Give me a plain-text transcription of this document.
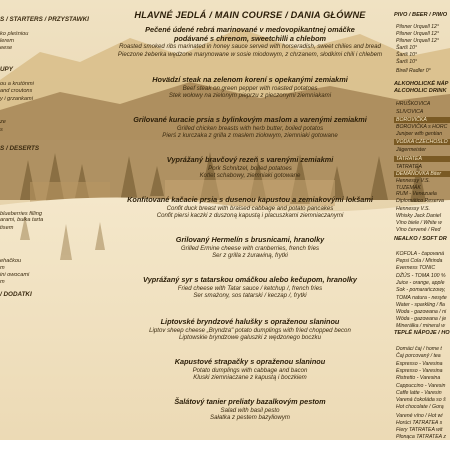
S / STARTERS / PRZYSTAWKI
UPY
S / DESERTS
/ DODATKI
ko pleśniou
lerem
eese
ou a krutónmi
and croutons
y i grzankami
ze
s
blueberries filling
arami, bułka tarta
tisem
ehačkou
m
ini owocami
m
HLAVNÉ JEDLÁ / MAIN COURSE / DANIA GŁÓWNE
Pečené údené rebrá marinované v medovopikantnej omáčke
podávané s chrenom, sweetchilli a chlebom
Roasted smoked ribs marinated in honey sauce served with horseradish, sweet chilies and bread
Pieczone żeberka wędzone marynowane w sosie miodowym, z chrzanem, słodkimi chili i chlebem
Hovädzí steak na zelenom korení s opekanými zemiakmi
Beef steak on green pepper with roasted potatoes
Stek wołowy na zielonym pieprzu z pieczonymi ziemniakami
Grilované kuracie prsia s bylinkovým maslom a varenými zemiakmi
Grilled chicken breasts with herb butter, boiled potatos
Pierś z kurczaka z grilla z masłem ziołowym, ziemniaki gotowane
Vyprážaný bravčový rezeň s varenými zemiakmi
Pork Schnitzel, boiled potatoes
Kotlet schabowy, ziemniaki gotowane
Konfitované kačacie prsia s dusenou kapustou a zemiakovými lokšami
Confit duck breast with braised cabbage and potato pancakes
Confit piersi kaczki z duszoną kapustą i placuszkami ziemniaczanymi
Grilovaný Hermelín s brusnicami, hranolky
Grilled Ermine cheese with cranberries, french fries
Ser z grilla z żurawiną, frytki
Vyprážaný syr s tatarskou omáčkou alebo kečupom, hranolky
Fried cheese with Tatar sauce / ketchup /, french fries
Ser smażony, sos tatarski / keczap /, frytki
Liptovské bryndzové halušky s opraženou slaninou
Liptov sheep cheese „Bryndza" potato dumplings with fried chopped becon
Liptowskie bryndzowe galuszki z wędzonego boczku
Kapustové strapačky s opraženou slaninou
Potato dumplings with cabbage and bacon
Kluski ziemniaczane z kapustą i boczkiem
Šalátový tanier preliaty bazalkovým pestom
Salad with basil pesto
Sałatka z pestem bazyliowym
PIVO / BEER / PIWO
ALKOHOLICKÉ NÁP
ALCOHOLIC DRINK
NEALKO / SOFT DR
TEPLÉ NÁPOJE / HO
Pilsner Urquell 12°
Pilsner Urquell 12°
Pilsner Urquell 12°
Šariš 10°
Šariš 10°
Šariš 10°
Birell Radler 0°
HRUŠKOVICA
SLIVOVICA
BOROVIČKA
BOROVIČKA s HORC
Juniper with gentian
VODKA CZECHOSLO
Jägermeister
TATRATEA
TATRATEA
DEMÄNOVKA Biter
Hennessy V.S.
TUZEMÁK
RUM - Venezuela
Diplomático Reserva
Hennessy V.S.
Whisky Jack Daniel
Víno biele / White w
Víno červené / Red
KOFOLA - čapovaná
Pepsi Cola / Mirinda
Everness TONIC
DŽÚS - TOMA 100 %
Juice - orange, apple
Sok - pomarańczowy,
TOMA natura - nesyte
Water - sparkling / fla
Woda - gazowana / ni
Wóda - gazowana / je
Minerálka / mineral w
Domáci čaj / home t
Čaj porcovaný / tea
Espresso - Varesina
Espresso - Varesina
Ristretto - Varesina
Cappuccino - Varesin
Caffe latte - Varesin
Varená čokoláda so š
Hot chocolate / Gorą
Varené víno / Hot wi
Horúci TATRATEA s
Fiery TATRATEA wit
Płonąca TATRATEA z
